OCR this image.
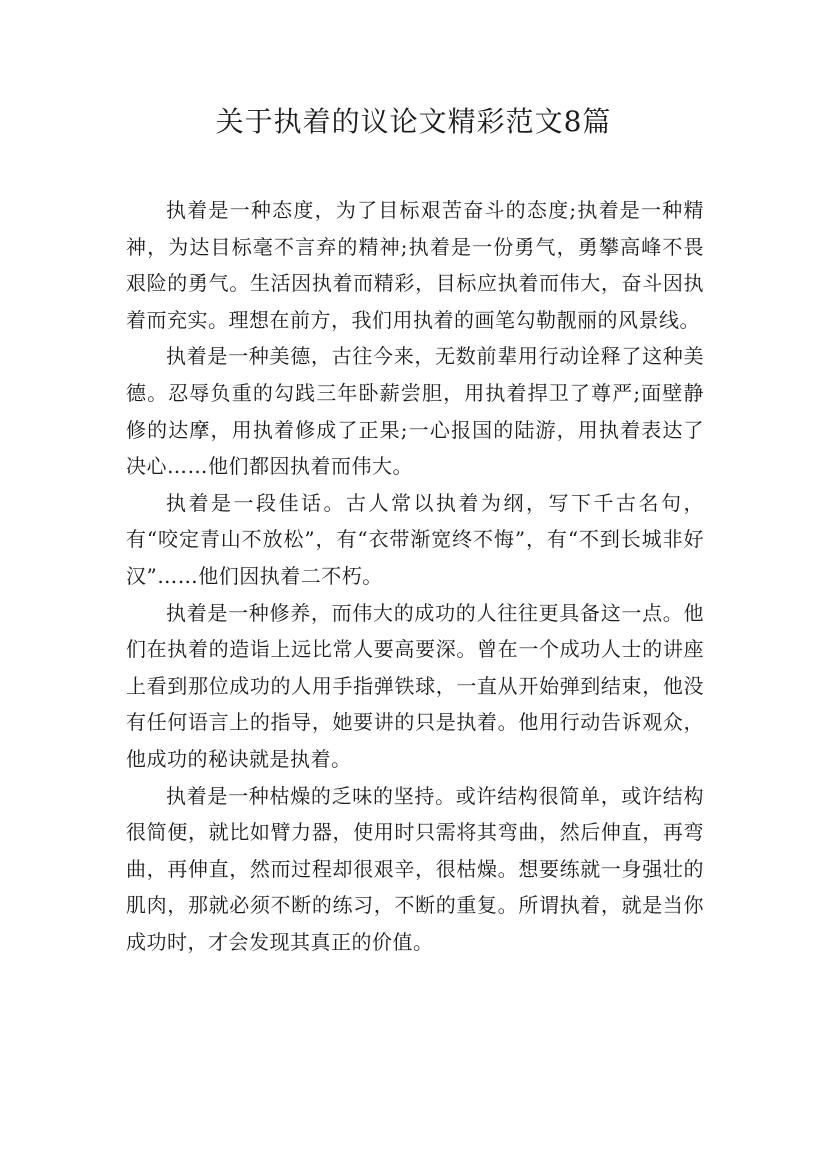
关于执着的议论文精彩范文8篇

执着是一种态度，为了目标艰苦奋斗的态度;执着是一种精神，为达目标毫不言弃的精神;执着是一份勇气，勇攀高峰不畏艰险的勇气。生活因执着而精彩，目标应执着而伟大，奋斗因执着而充实。理想在前方，我们用执着的画笔勾勒靓丽的风景线。

执着是一种美德，古往今来，无数前辈用行动诠释了这种美德。忍辱负重的勾践三年卧薪尝胆，用执着捍卫了尊严;面壁静修的达摩，用执着修成了正果;一心报国的陆游，用执着表达了决心……他们都因执着而伟大。

执着是一段佳话。古人常以执着为纲，写下千古名句，有“咬定青山不放松”，有“衣带渐宽终不悔”，有“不到长城非好汉”……他们因执着二不朽。

执着是一种修养，而伟大的成功的人往往更具备这一点。他们在执着的造诣上远比常人要高要深。曾在一个成功人士的讲座上看到那位成功的人用手指弹铁球，一直从开始弹到结束，他没有任何语言上的指导，她要讲的只是执着。他用行动告诉观众，他成功的秘诀就是执着。

执着是一种枯燥的乏味的坚持。或许结构很简单，或许结构很简便，就比如臂力器，使用时只需将其弯曲，然后伸直，再弯曲，再伸直，然而过程却很艰辛，很枯燥。想要练就一身强壮的肌肉，那就必须不断的练习，不断的重复。所谓执着，就是当你成功时，才会发现其真正的价值。
